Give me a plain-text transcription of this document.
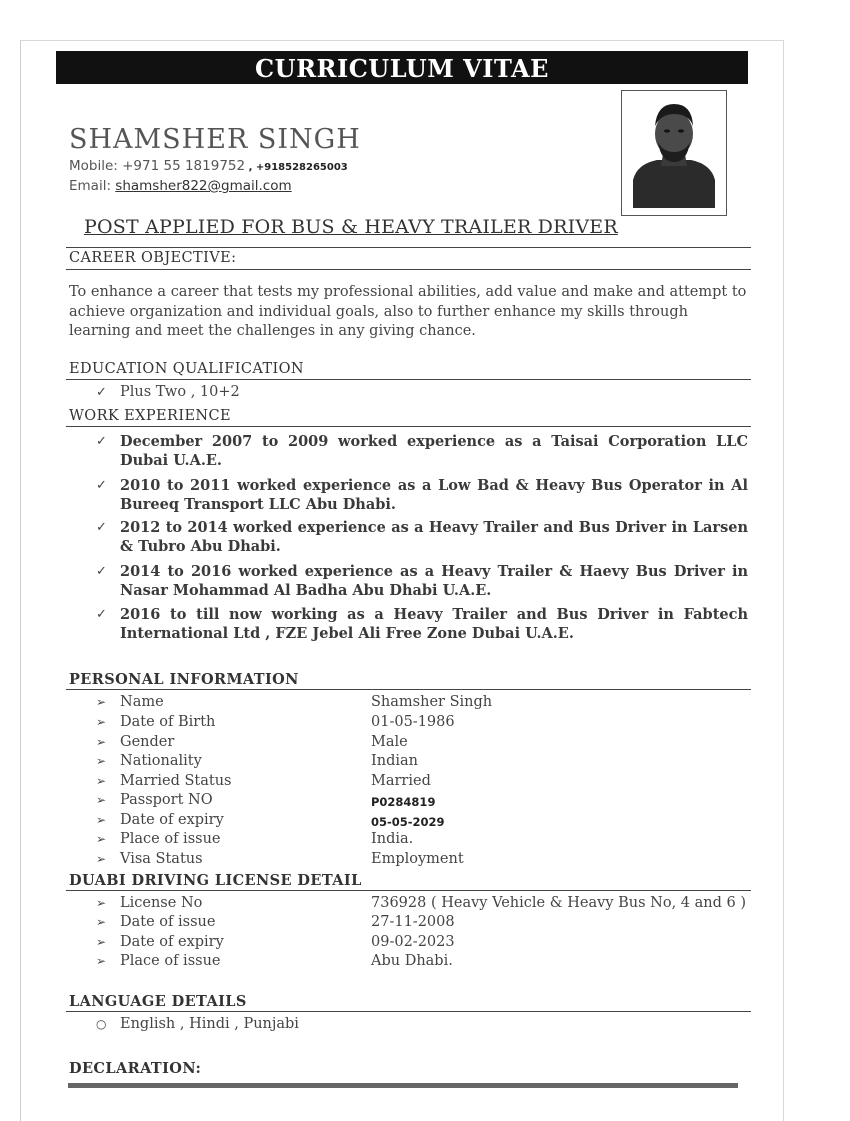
CURRICULUM VITAE
SHAMSHER SINGH
Mobile: +971 55 1819752 , +918528265003
Email: shamsher822@gmail.com
POST APPLIED FOR BUS & HEAVY TRAILER DRIVER
CAREER OBJECTIVE:
To enhance a career that tests my professional abilities, add value and make and attempt to achieve organization and individual goals, also to further enhance my skills through learning and meet the challenges in any giving chance.
EDUCATION QUALIFICATION
✓ Plus Two , 10+2
WORK EXPERIENCE
✓ December 2007 to 2009 worked experience as a Taisai Corporation LLC Dubai U.A.E.
✓ 2010 to 2011 worked experience as a Low Bad & Heavy Bus Operator in Al Bureeq Transport LLC Abu Dhabi.
✓ 2012 to 2014 worked experience as a Heavy Trailer and Bus Driver in Larsen & Tubro Abu Dhabi.
✓ 2014 to 2016 worked experience as a Heavy Trailer & Haevy Bus Driver in Nasar Mohammad Al Badha Abu Dhabi U.A.E.
✓ 2016 to till now working as a Heavy Trailer and Bus Driver in Fabtech International Ltd , FZE Jebel Ali Free Zone Dubai U.A.E.
PERSONAL INFORMATION
➢ Name	Shamsher Singh
➢ Date of Birth	01-05-1986
➢ Gender	Male
➢ Nationality	Indian
➢ Married Status	Married
➢ Passport NO	P0284819
➢ Date of expiry	05-05-2029
➢ Place of issue	India.
➢ Visa Status	Employment
DUABI DRIVING LICENSE DETAIL
➢ License No	736928 ( Heavy Vehicle & Heavy Bus No, 4 and 6 )
➢ Date of issue	27-11-2008
➢ Date of expiry	09-02-2023
➢ Place of issue	Abu Dhabi.
LANGUAGE DETAILS
○ English , Hindi , Punjabi
DECLARATION:
